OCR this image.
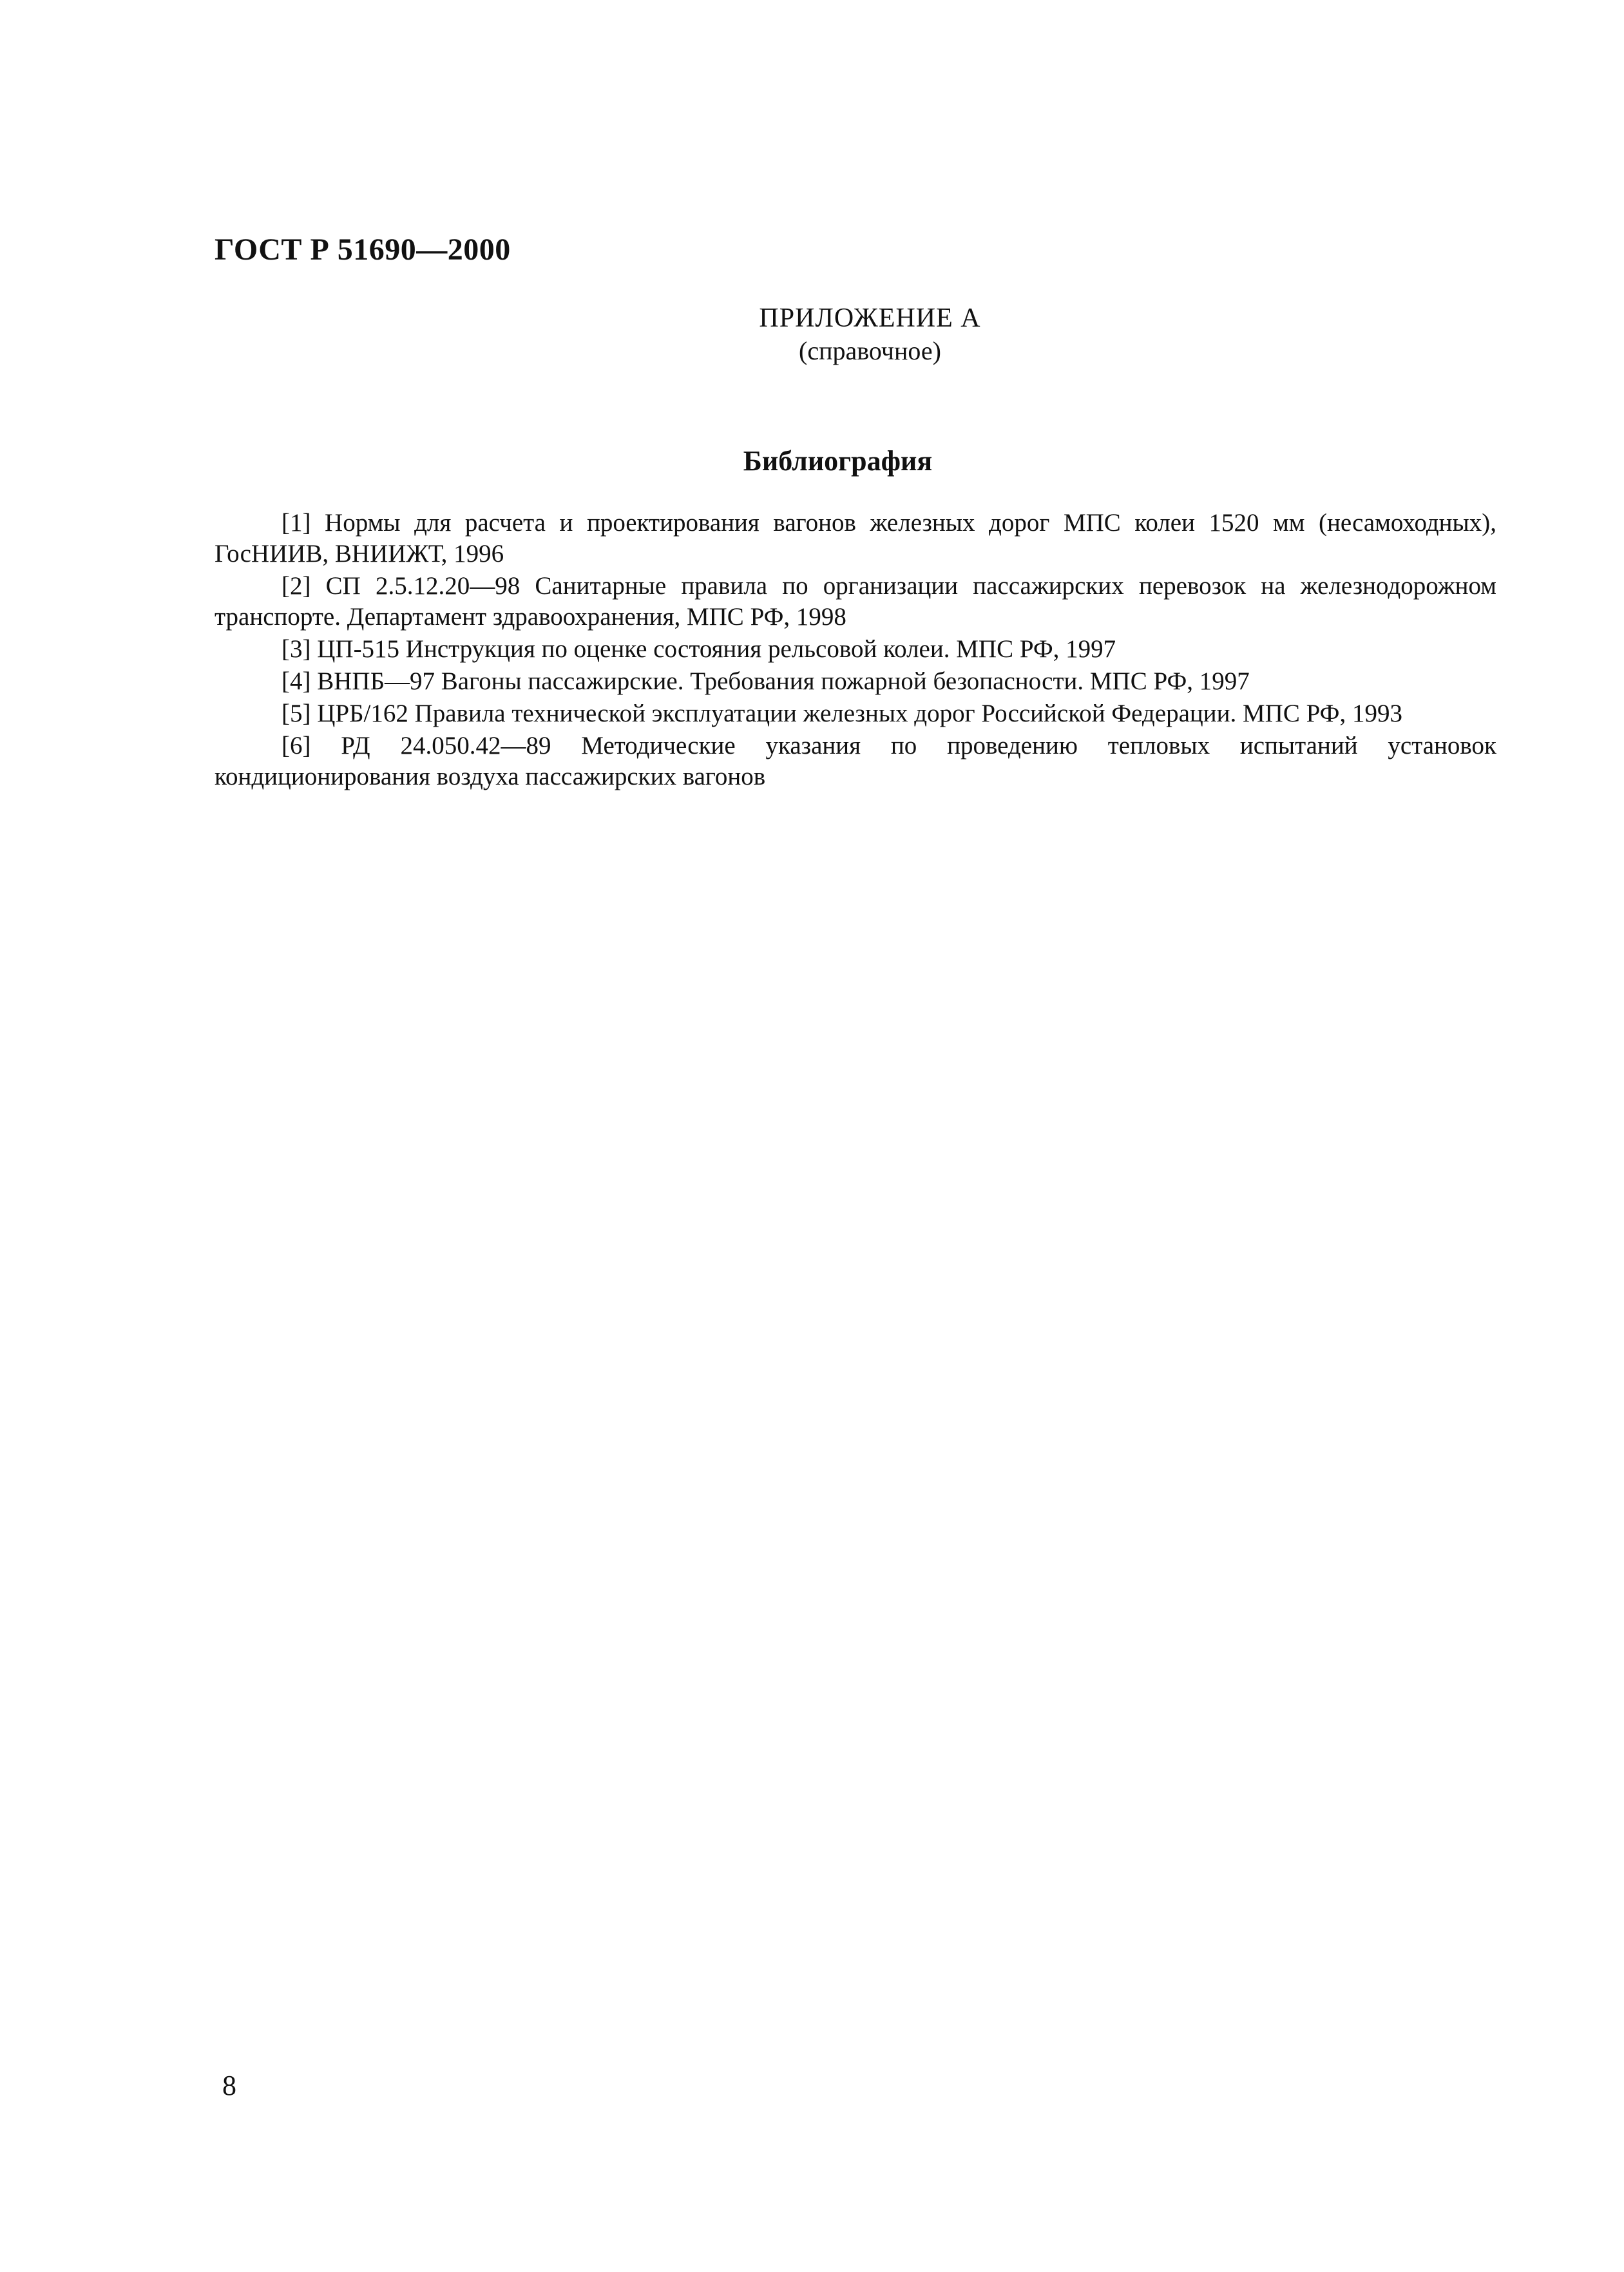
ГОСТ Р 51690—2000
ПРИЛОЖЕНИЕ А
(справочное)
Библиография
[1] Нормы для расчета и проектирования вагонов железных дорог МПС колеи 1520 мм (несамоходных), ГосНИИВ, ВНИИЖТ, 1996
[2] СП 2.5.12.20—98 Санитарные правила по организации пассажирских перевозок на железнодорожном транспорте. Департамент здравоохранения, МПС РФ, 1998
[3] ЦП-515 Инструкция по оценке состояния рельсовой колеи. МПС РФ, 1997
[4] ВНПБ—97 Вагоны пассажирские. Требования пожарной безопасности. МПС РФ, 1997
[5] ЦРБ/162 Правила технической эксплуатации железных дорог Российской Федерации. МПС РФ, 1993
[6] РД 24.050.42—89 Методические указания по проведению тепловых испытаний установок кондиционирования воздуха пассажирских вагонов
8
